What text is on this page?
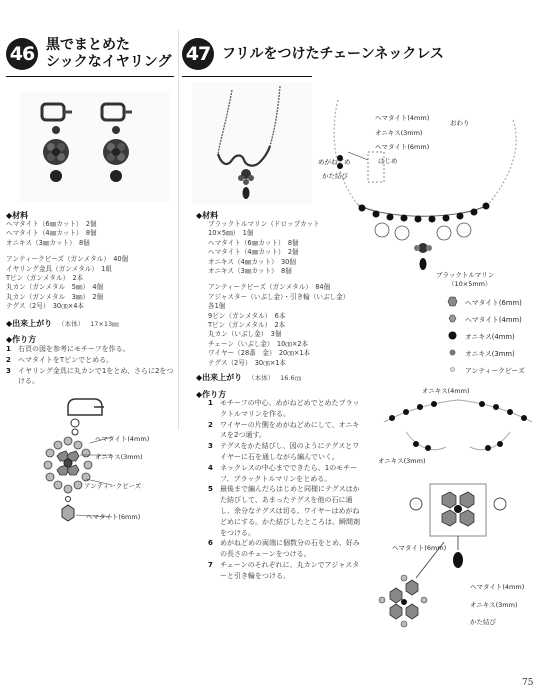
46 黒でまとめた
シックなイヤリング
◆材料
ヘマタイト（6㎜カット）　2個
ヘマタイト（4㎜カット）　8個
オニキス（3㎜カット）　8個
アンティークビーズ（ガンメタル）　40個
イヤリング金具（ガンメタル）　1組
Tピン（ガンメタル）　2本
丸カン（ガンメタル　5㎜）　4個
丸カン（ガンメタル　3㎜）　2個
テグス（2号）　30㎝×4本
◆出来上がり （本体） 17×13㎜
◆作り方
1	右頁の図を参考にモチーフを作る。
2	ヘマタイトをTピンでとめる。
3	イヤリング金具に丸カンで1をとめ、さらに2をつける。
ヘマタイト(4mm)
オニキス(3mm)
アンティークビーズ
ヘマタイト(6mm)
47 フリルをつけたチェーンネックレス
◆材料
ブラックトルマリン（ドロップカット
10×5㎜）　1個
ヘマタイト（6㎜カット）　8個
ヘマタイト（4㎜カット）　2個
オニキス（4㎜カット）　30個
オニキス（3㎜カット）　8個
アンティークビーズ（ガンメタル）　84個
アジャスター（いぶし金）・引き輪（いぶし金）
各1個
9ピン（ガンメタル）　6本
Tピン（ガンメタル）　2本
丸カン（いぶし金）　3個
チェーン（いぶし金）　10㎝×2本
ワイヤー（28番　金）　20㎝×1本
テグス（2号）　30㎝×1本
◆出来上がり （本体） 16.6㎝
◆作り方
1	モチーフの中心、めがねどめでとめたブラックトルマリンを作る。
2	ワイヤーの片側をめがねどめにして、オニキスを2つ通す。
3	テグスをかた結びし、図のようにテグスとワイヤーに石を通しながら編んでいく。
4	ネックレスの中心までできたら、1のモチーフ、ブラックトルマリンをとめる。
5	最後まで編んだらはじめと同様にテグスはかた結びして、あまったテグスを他の石に通し、余分なテグスは切る。ワイヤーはめがねどめにする。かた結びしたところは、瞬間剤をつける。
6	めがねどめの両端に個数分の石をとめ、好みの長さのチェーンをつける。
7	チェーンのそれぞれに、丸カンでアジャスターと引き輪をつける。
ヘマタイト(4mm)
オニキス(3mm)
ヘマタイト(6mm)
おわり
めがねどめ	はじめ
かた結び
ブラックトルマリン
（10×5mm）
ヘマタイト(6mm)
ヘマタイト(4mm)
オニキス(4mm)
オニキス(3mm)
アンティークビーズ
オニキス(4mm)
オニキス(3mm)
ヘマタイト(6mm)
ヘマタイト(4mm)
オニキス(3mm)
かた結び
75
